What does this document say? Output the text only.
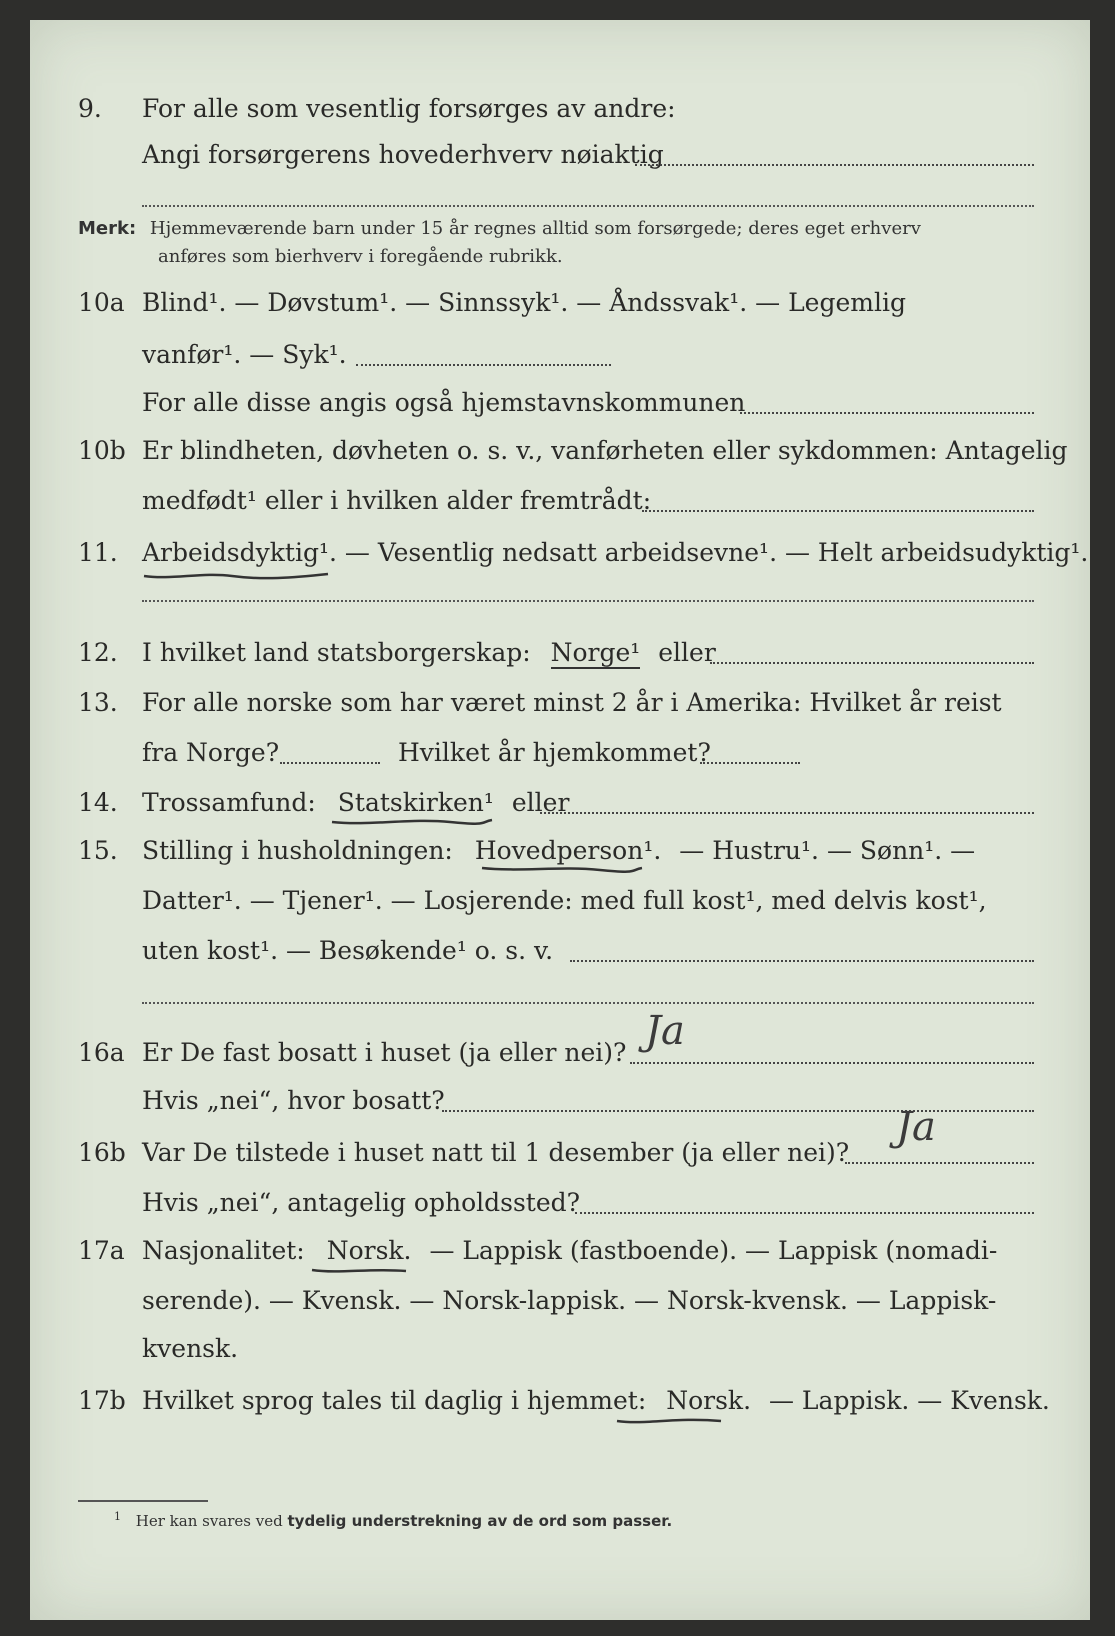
9. For alle som vesentlig forsørges av andre:
Angi forsørgerens hovederhverv nøiaktig
Merk: Hjemmeværende barn under 15 år regnes alltid som forsørgede; deres eget erhverv
anføres som bierhverv i foregående rubrikk.
10a Blind¹. — Døvstum¹. — Sinnssyk¹. — Åndssvak¹. — Legemlig
vanfør¹. — Syk¹.
For alle disse angis også hjemstavnskommunen
10b Er blindheten, døvheten o. s. v., vanførheten eller sykdommen: Antagelig
medfødt¹ eller i hvilken alder fremtrådt:
11. Arbeidsdyktig¹. — Vesentlig nedsatt arbeidsevne¹. — Helt arbeidsudyktig¹.
12. I hvilket land statsborgerskap: Norge¹ eller
13. For alle norske som har været minst 2 år i Amerika: Hvilket år reist
fra Norge?	Hvilket år hjemkommet?
14. Trossamfund: Statskirken¹ eller
15. Stilling i husholdningen: Hovedperson¹. — Hustru¹. — Sønn¹. —
Datter¹. — Tjener¹. — Losjerende: med full kost¹, med delvis kost¹,
uten kost¹. — Besøkende¹ o. s. v.
16a Er De fast bosatt i huset (ja eller nei)? Ja
Hvis „nei“, hvor bosatt?
16b Var De tilstede i huset natt til 1 desember (ja eller nei)?
Ja
Hvis „nei“, antagelig opholdssted?
17a Nasjonalitet: Norsk. — Lappisk (fastboende). — Lappisk (nomadi-
serende). — Kvensk. — Norsk-lappisk. — Norsk-kvensk. — Lappisk-
kvensk.
17b Hvilket sprog tales til daglig i hjemmet: Norsk. — Lappisk. — Kvensk.
$^1$ Her kan svares ved tydelig understrekning av de ord som passer.
